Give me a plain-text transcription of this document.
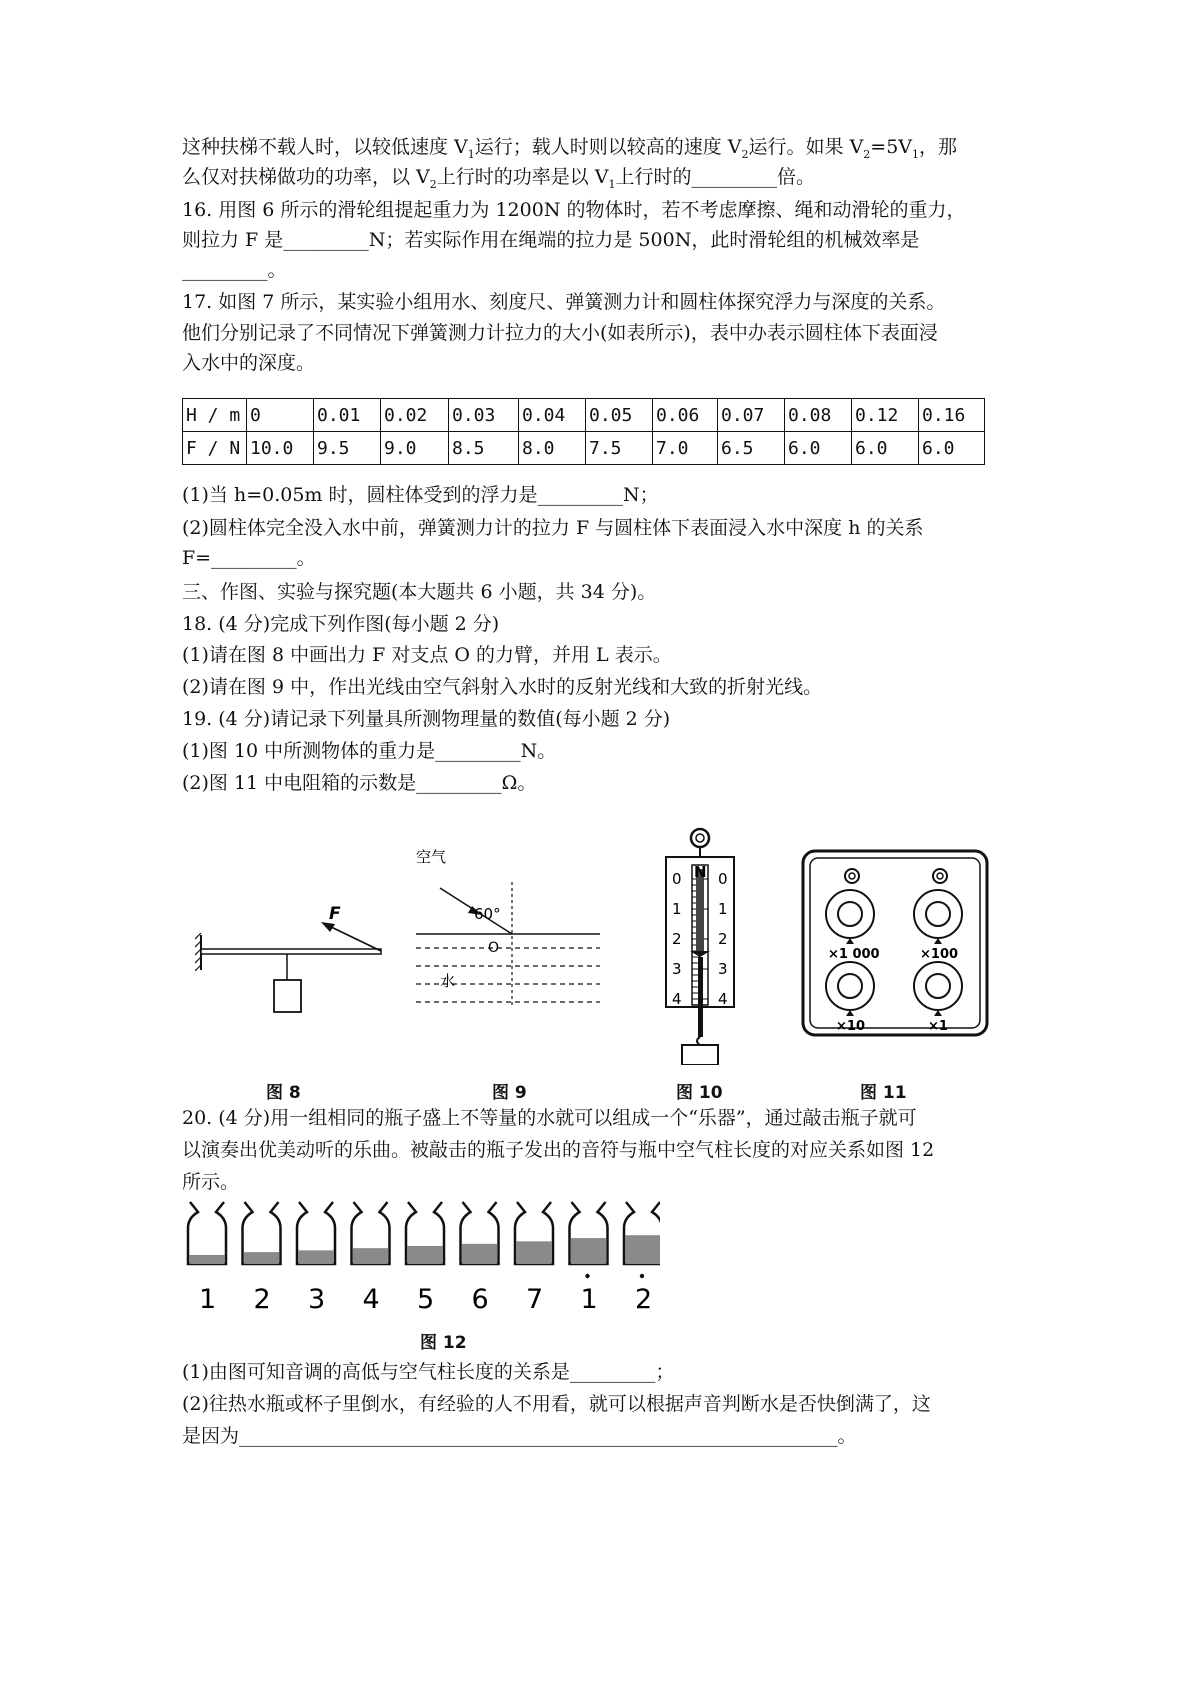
这种扶梯不载人时，以较低速度 $V_1$运行；载人时则以较高的速度 $V_2$运行。如果 $V_2=5V_1$，那
么仅对扶梯做功的功率，以 $V_2$上行时的功率是以 $V_1$上行时的_________倍。
16. 用图 6 所示的滑轮组提起重力为 1200N 的物体时，若不考虑摩擦、绳和动滑轮的重力，
则拉力 F 是_________N；若实际作用在绳端的拉力是 500N，此时滑轮组的机械效率是
_________。
17. 如图 7 所示，某实验小组用水、刻度尺、弹簧测力计和圆柱体探究浮力与深度的关系。
他们分别记录了不同情况下弹簧测力计拉力的大小(如表所示)，表中办表示圆柱体下表面浸
入水中的深度。
H / m	0	0.01	0.02	0.03	0.04	0.05	0.06	0.07	0.08	0.12	0.16
F / N	10.0	9.5	9.0	8.5	8.0	7.5	7.0	6.5	6.0	6.0	6.0
(1)当 h=0.05m 时，圆柱体受到的浮力是_________N；
(2)圆柱体完全没入水中前，弹簧测力计的拉力 F 与圆柱体下表面浸入水中深度 h 的关系
F=_________。
三、作图、实验与探究题(本大题共 6 小题，共 34 分)。
18. (4 分)完成下列作图(每小题 2 分)
(1)请在图 8 中画出力 F 对支点 O 的力臂，并用 L 表示。
(2)请在图 9 中，作出光线由空气斜射入水时的反射光线和大致的折射光线。
19. (4 分)请记录下列量具所测物理量的数值(每小题 2 分)
(1)图 10 中所测物体的重力是_________N。
(2)图 11 中电阻箱的示数是_________Ω。
F
图 8
空气
60°
O
水
图 9
N
0
1
2
3
4
0
1
2
3
4
图 10
×1 000	×100
×10	×1
图 11
20. (4 分)用一组相同的瓶子盛上不等量的水就可以组成一个“乐器”，通过敲击瓶子就可
以演奏出优美动听的乐曲。被敲击的瓶子发出的音符与瓶中空气柱长度的对应关系如图 12
所示。
1 2 3 4 5 6 7 1 2
图 12
(1)由图可知音调的高低与空气柱长度的关系是_________；
(2)往热水瓶或杯子里倒水，有经验的人不用看，就可以根据声音判断水是否快倒满了，这
是因为_______________________________________________________________。
